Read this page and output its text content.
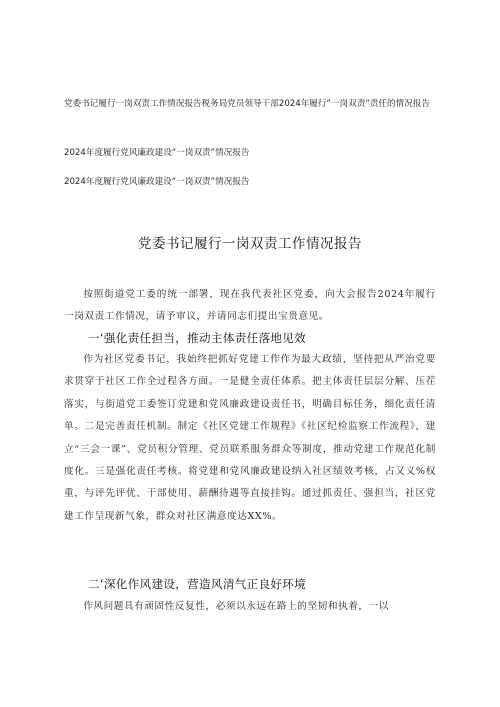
党委书记履行一岗双责工作情况报告税务局党员领导干部2024年履行“一岗双责”责任的情况报告
2024年度履行党风廉政建设“一岗双责”情况报告
2024年度履行党风廉政建设“一岗双责”情况报告
党委书记履行一岗双责工作情况报告
按照街道党工委的统一部署，现在我代表社区党委，向大会报告2024年履行一岗双责工作情况，请予审议，并请同志们提出宝贵意见。
一‘强化责任担当，推动主体责任落地见效
作为社区党委书记，我始终把抓好党建工作作为最大政绩，坚持把从严治党要求贯穿于社区工作全过程各方面。一是健全责任体系。把主体责任层层分解、压茬落实，与街道党工委签订党建和党风廉政建设责任书，明确目标任务，细化责任清单。二是完善责任机制。制定《社区党建工作规程》《社区纪检监察工作流程》，建立“三会一课”、党员积分管理、党员联系服务群众等制度，推动党建工作规范化制度化。三是强化责任考核。将党建和党风廉政建设纳入社区绩效考核，占又义%权重，与评先评优、干部使用、薪酬待遇等直接挂钩。通过抓责任、强担当，社区党建工作呈现新气象，群众对社区满意度达XX%。
二‘深化作风建设，营造风清气正良好环境
作风问题具有顽固性反复性，必须以永远在路上的坚韧和执着，一以
